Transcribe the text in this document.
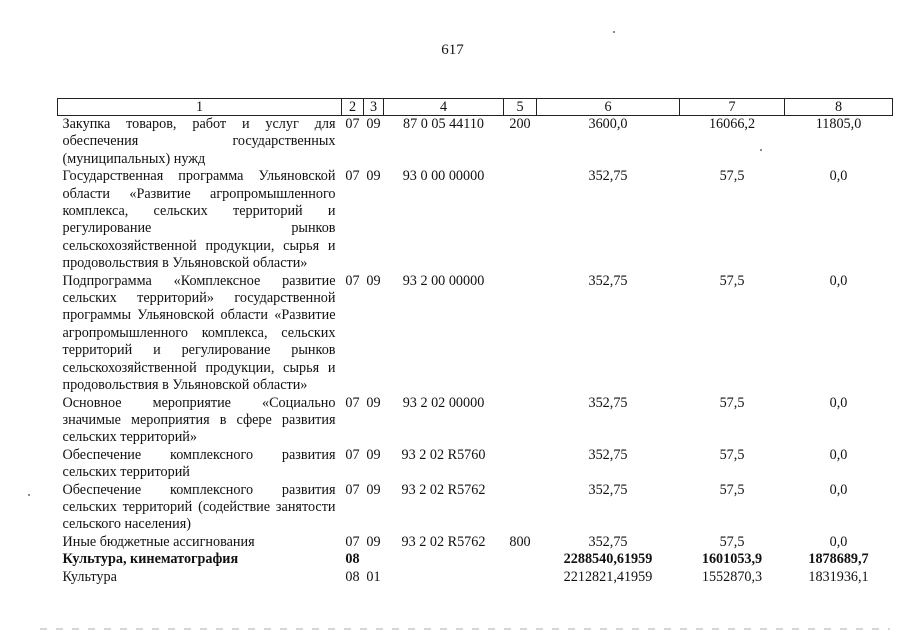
617
1	2	3	4	5	6	7	8
Закупка товаров, работ и услуг для обеспечения государственных (муниципальных) нужд	07	09	87 0 05 44110	200	3600,0	16066,2	11805,0
Государственная программа Ульяновской области «Развитие агропромышленного комплекса, сельских территорий и регулирование рынков сельскохозяйственной продукции, сырья и продовольствия в Ульяновской области»	07	09	93 0 00 00000		352,75	57,5	0,0
Подпрограмма «Комплексное развитие сельских территорий» государственной программы Ульяновской области «Развитие агропромышленного комплекса, сельских территорий и регулирование рынков сельскохозяйственной продукции, сырья и продовольствия в Ульяновской области»	07	09	93 2 00 00000		352,75	57,5	0,0
Основное мероприятие «Социально значимые мероприятия в сфере развития сельских территорий»	07	09	93 2 02 00000		352,75	57,5	0,0
Обеспечение комплексного развития сельских территорий	07	09	93 2 02 R5760		352,75	57,5	0,0
Обеспечение комплексного развития сельских территорий (содействие занятости сельского населения)	07	09	93 2 02 R5762		352,75	57,5	0,0
Иные бюджетные ассигнования	07	09	93 2 02 R5762	800	352,75	57,5	0,0
Культура, кинематография	08				2288540,61959	1601053,9	1878689,7
Культура	08	01			2212821,41959	1552870,3	1831936,1
